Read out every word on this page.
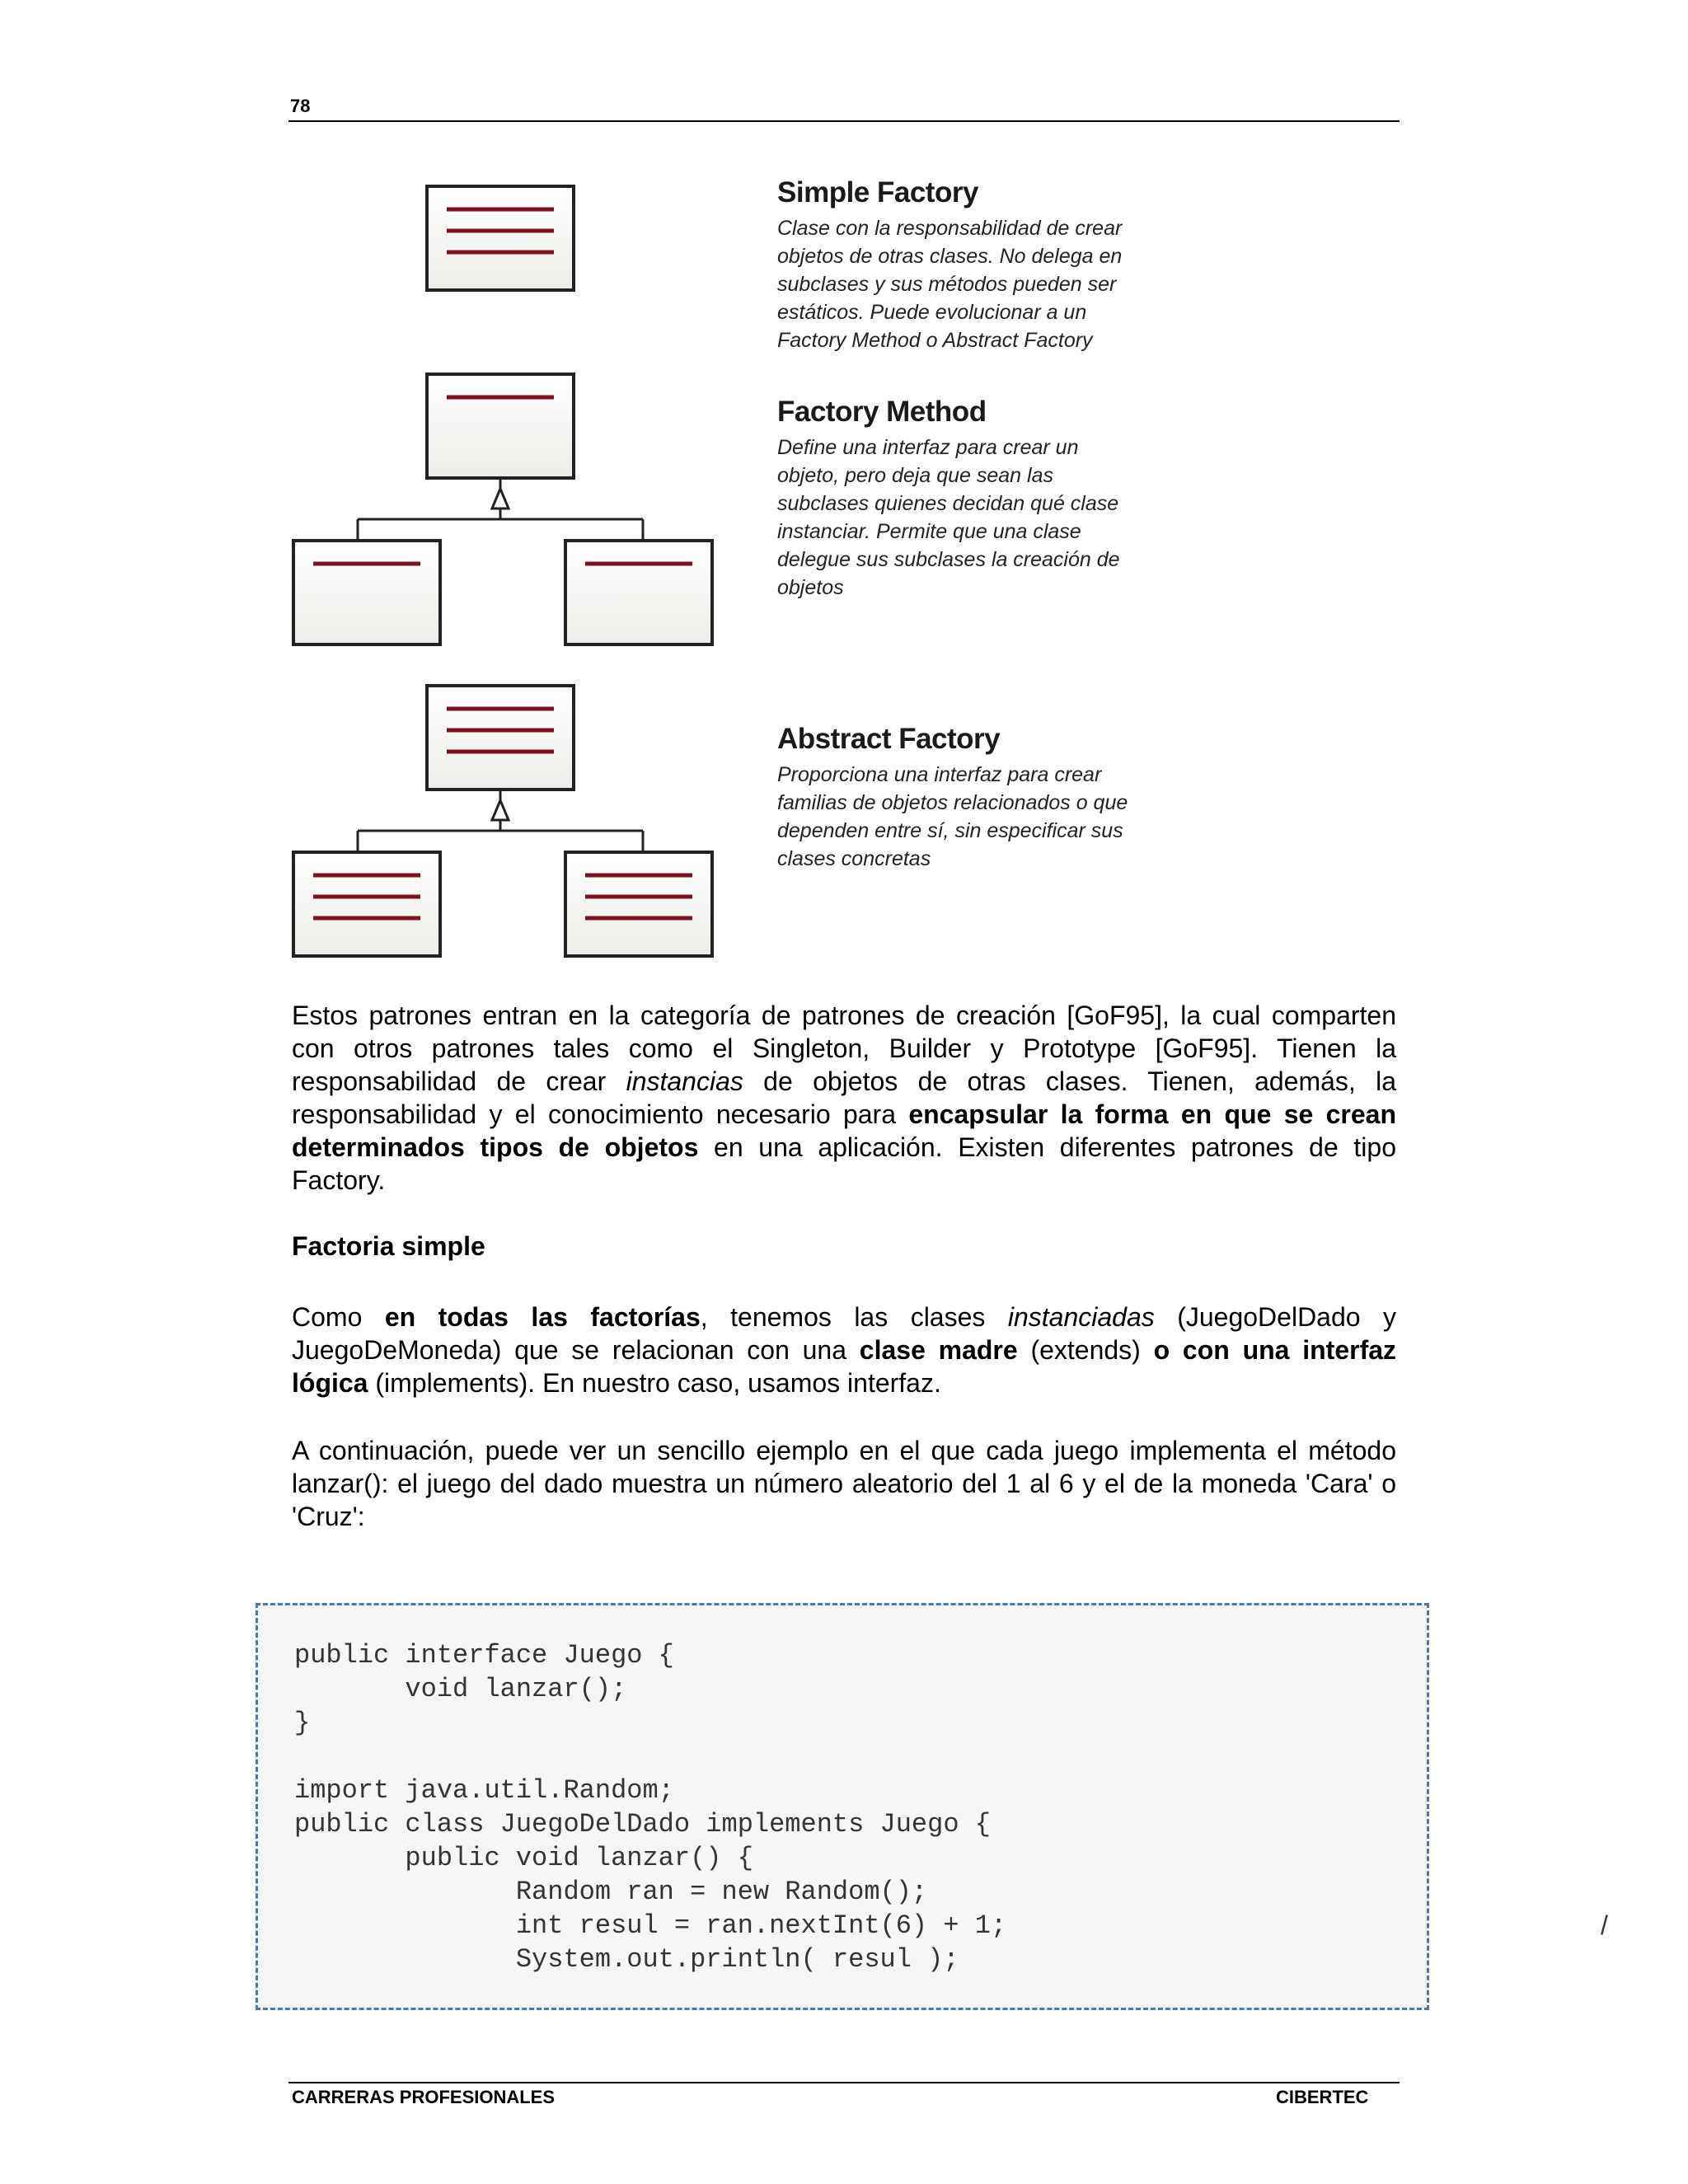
78
Simple Factory
Clase con la responsabilidad de crear objetos de otras clases. No delega en subclases y sus métodos pueden ser estáticos. Puede evolucionar a un Factory Method o Abstract Factory
Factory Method
Define una interfaz para crear un objeto, pero deja que sean las subclases quienes decidan qué clase instanciar. Permite que una clase delegue sus subclases la creación de objetos
Abstract Factory
Proporciona una interfaz para crear familias de objetos relacionados o que dependen entre sí, sin especificar sus clases concretas
Estos patrones entran en la categoría de patrones de creación [GoF95], la cual comparten con otros patrones tales como el Singleton, Builder y Prototype [GoF95]. Tienen la responsabilidad de crear instancias de objetos de otras clases. Tienen, además, la responsabilidad y el conocimiento necesario para encapsular la forma en que se crean determinados tipos de objetos en una aplicación. Existen diferentes patrones de tipo Factory.
Factoria simple
Como en todas las factorías, tenemos las clases instanciadas (JuegoDelDado y JuegoDeMoneda) que se relacionan con una clase madre (extends) o con una interfaz lógica (implements). En nuestro caso, usamos interfaz.
A continuación, puede ver un sencillo ejemplo en el que cada juego implementa el método lanzar(): el juego del dado muestra un número aleatorio del 1 al 6 y el de la moneda 'Cara' o 'Cruz':
public interface Juego {
void lanzar();
}
import java.util.Random;
public class JuegoDelDado implements Juego {
public void lanzar() {
Random ran = new Random();
int resul = ran.nextInt(6) + 1;
System.out.println( resul );
/
CARRERAS PROFESIONALES	CIBERTEC
